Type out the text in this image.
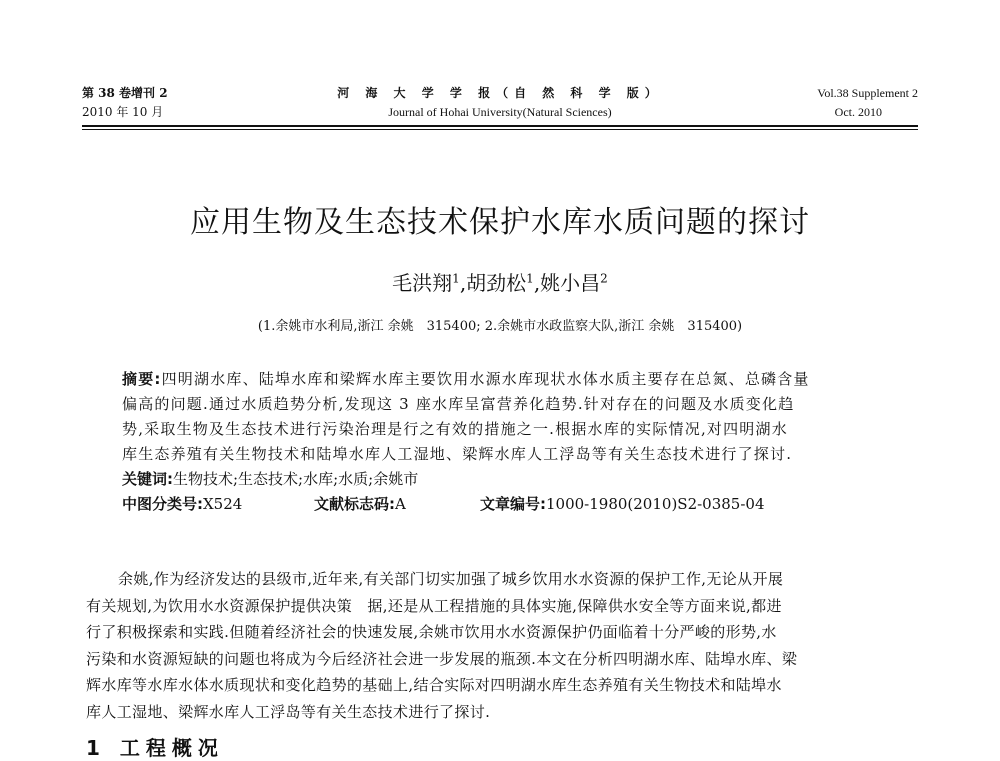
河 海 大 学 学 报（自 然 科 学 版）
Journal of Hohai University(Natural Sciences)
第 38 卷增刊 2
2010 年 10 月
Vol.38 Supplement 2
Oct. 2010
应用生物及生态技术保护水库水质问题的探讨
毛洪翔$^1$,胡劲松$^1$,姚小昌$^2$
(1.余姚市水利局,浙江 余姚　315400; 2.余姚市水政监察大队,浙江 余姚　315400)
摘要:四明湖水库、陆埠水库和梁辉水库主要饮用水源水库现状水体水质主要存在总氮、总磷含量
偏高的问题.通过水质趋势分析,发现这 3 座水库呈富营养化趋势.针对存在的问题及水质变化趋
势,采取生物及生态技术进行污染治理是行之有效的措施之一.根据水库的实际情况,对四明湖水
库生态养殖有关生物技术和陆埠水库人工湿地、梁辉水库人工浮岛等有关生态技术进行了探讨.
关键词:生物技术;生态技术;水库;水质;余姚市
中图分类号:X524	文献标志码:A	文章编号:1000-1980(2010)S2-0385-04
余姚,作为经济发达的县级市,近年来,有关部门切实加强了城乡饮用水水资源的保护工作,无论从开展
有关规划,为饮用水水资源保护提供决策　据,还是从工程措施的具体实施,保障供水安全等方面来说,都进
行了积极探索和实践.但随着经济社会的快速发展,余姚市饮用水水资源保护仍面临着十分严峻的形势,水
污染和水资源短缺的问题也将成为今后经济社会进一步发展的瓶颈.本文在分析四明湖水库、陆埠水库、梁
辉水库等水库水体水质现状和变化趋势的基础上,结合实际对四明湖水库生态养殖有关生物技术和陆埠水
库人工湿地、梁辉水库人工浮岛等有关生态技术进行了探讨.
1 工程概况
